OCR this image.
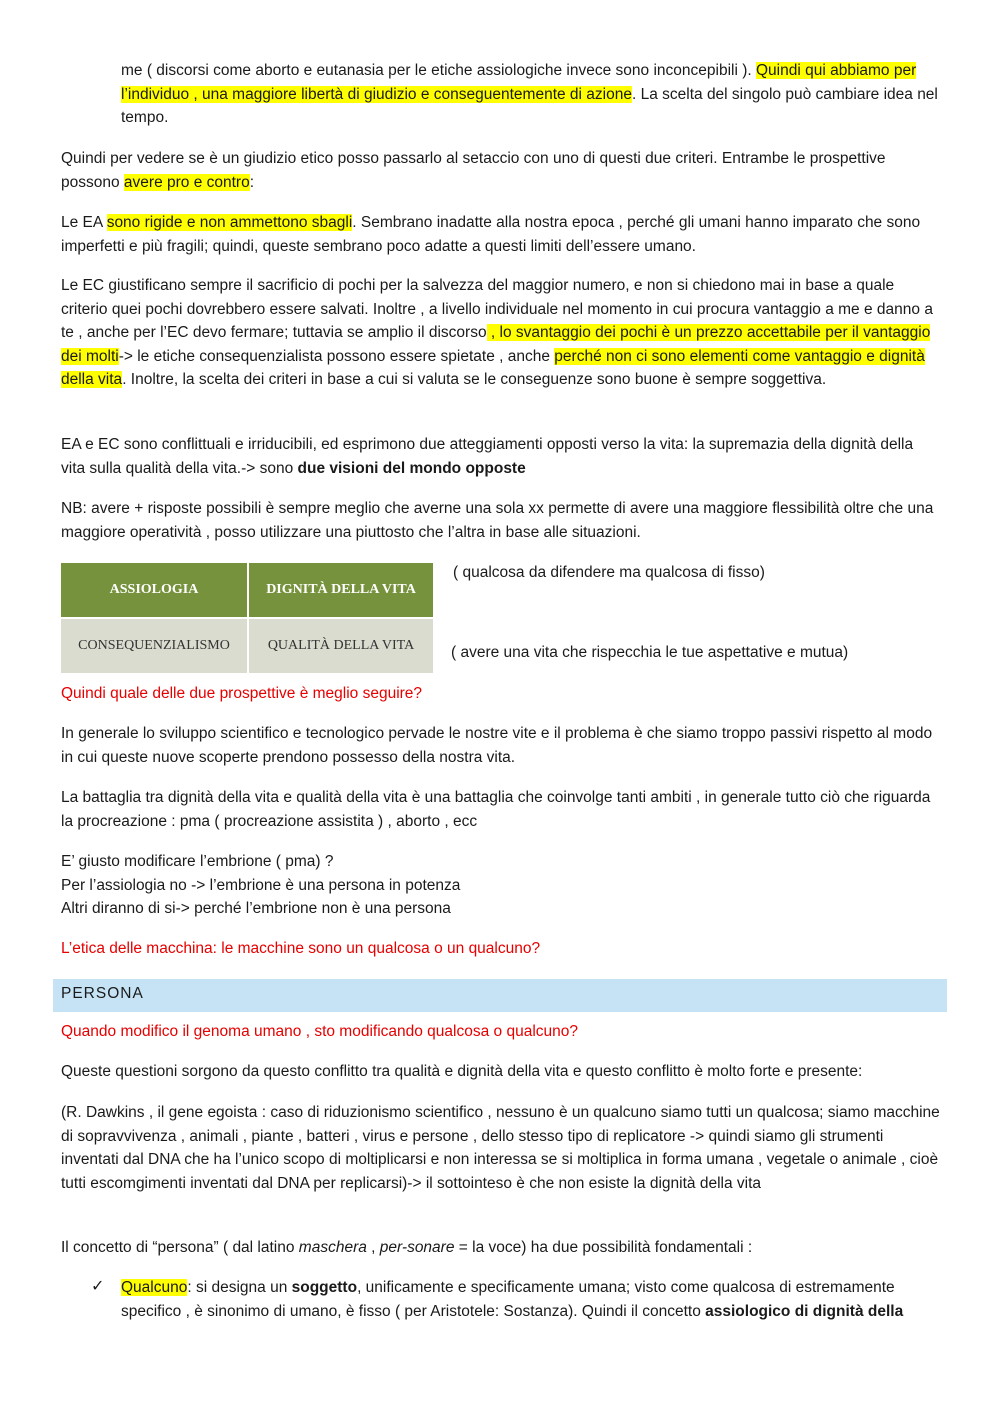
me ( discorsi come aborto e eutanasia per le etiche assiologiche invece sono inconcepibili ). Quindi qui abbiamo per l’individuo , una maggiore libertà di giudizio e conseguentemente di azione. La scelta del singolo può cambiare idea nel tempo.

Quindi per vedere se è un giudizio etico posso passarlo al setaccio con uno di questi due criteri. Entrambe le prospettive possono avere pro e contro:

Le EA sono rigide e non ammettono sbagli. Sembrano inadatte alla nostra epoca , perché gli umani hanno imparato che sono imperfetti e più fragili; quindi, queste sembrano poco adatte a questi limiti dell’essere umano.

Le EC giustificano sempre il sacrificio di pochi per la salvezza del maggior numero, e non si chiedono mai in base a quale criterio quei pochi dovrebbero essere salvati. Inoltre , a livello individuale nel momento in cui procura vantaggio a me e danno a te , anche per l’EC devo fermare; tuttavia se amplio il discorso , lo svantaggio dei pochi è un prezzo accettabile per il vantaggio dei molti-> le etiche consequenzialista possono essere spietate , anche perché non ci sono elementi come vantaggio e dignità della vita. Inoltre, la scelta dei criteri in base a cui si valuta se le conseguenze sono buone è sempre soggettiva.

EA e EC sono conflittuali e irriducibili, ed esprimono due atteggiamenti opposti verso la vita: la supremazia della dignità della vita sulla qualità della vita.-> sono due visioni del mondo opposte

NB: avere + risposte possibili è sempre meglio che averne una sola xx permette di avere una maggiore flessibilità oltre che una maggiore operatività , posso utilizzare una piuttosto che l’altra in base alle situazioni.

ASSIOLOGIA	DIGNITÀ DELLA VITA
CONSEQUENZIALISMO	QUALITÀ DELLA VITA
( qualcosa da difendere ma qualcosa di fisso)
( avere una vita che rispecchia le tue aspettative e mutua)

Quindi quale delle due prospettive è meglio seguire?

In generale lo sviluppo scientifico e tecnologico pervade le nostre vite e il problema è che siamo troppo passivi rispetto al modo in cui queste nuove scoperte prendono possesso della nostra vita.

La battaglia tra dignità della vita e qualità della vita è una battaglia che coinvolge tanti ambiti , in generale tutto ciò che riguarda la procreazione : pma ( procreazione assistita ) , aborto , ecc

E’ giusto modificare l’embrione ( pma) ?
Per l’assiologia no -> l’embrione è una persona in potenza
Altri diranno di si-> perché l’embrione non è una persona

L’etica delle macchina: le macchine sono un qualcosa o un qualcuno?

PERSONA

Quando modifico il genoma umano , sto modificando qualcosa o qualcuno?

Queste questioni sorgono da questo conflitto tra qualità e dignità della vita e questo conflitto è molto forte e presente:

(R. Dawkins , il gene egoista : caso di riduzionismo scientifico , nessuno è un qualcuno siamo tutti un qualcosa; siamo macchine di sopravvivenza , animali , piante , batteri , virus e persone , dello stesso tipo di replicatore -> quindi siamo gli strumenti inventati dal DNA che ha l’unico scopo di moltiplicarsi e non interessa se si moltiplica in forma umana , vegetale o animale , cioè tutti escomgimenti inventati dal DNA per replicarsi)-> il sottointeso è che non esiste la dignità della vita

Il concetto di “persona” ( dal latino maschera , per-sonare = la voce) ha due possibilità fondamentali :

✓ Qualcuno: si designa un soggetto, unificamente e specificamente umana; visto come qualcosa di estremamente specifico , è sinonimo di umano, è fisso ( per Aristotele: Sostanza). Quindi il concetto assiologico di dignità della
